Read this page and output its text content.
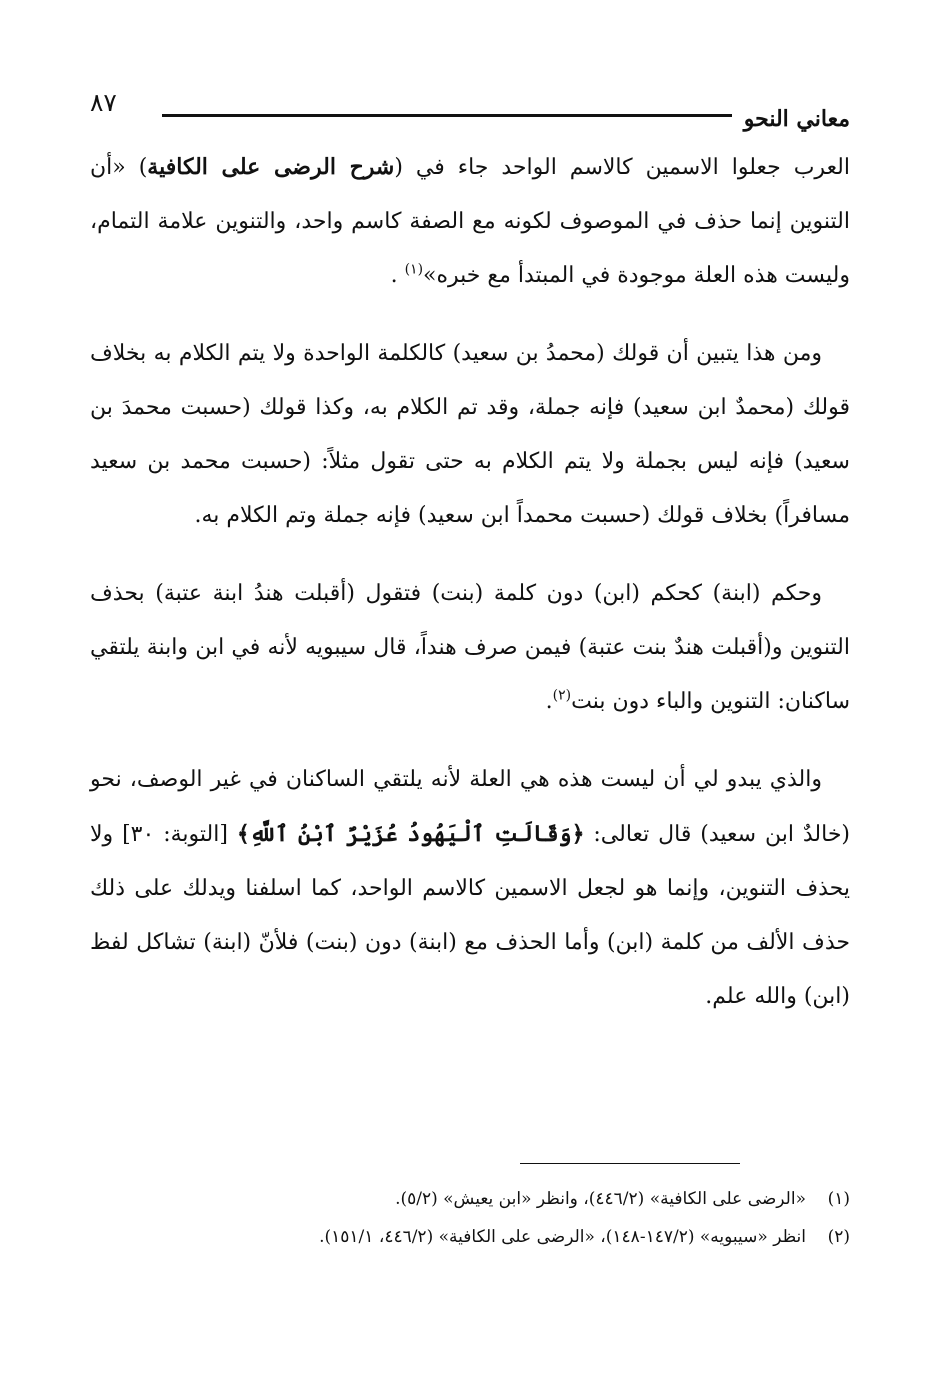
٨٧
معاني النحو

العرب جعلوا الاسمين كالاسم الواحد جاء في (شرح الرضى على الكافية) «أن التنوين إنما حذف في الموصوف لكونه مع الصفة كاسم واحد، والتنوين علامة التمام، وليست هذه العلة موجودة في المبتدأ مع خبره»$^{(١)}$ .

ومن هذا يتبين أن قولك (محمدُ بن سعيد) كالكلمة الواحدة ولا يتم الكلام به بخلاف قولك (محمدٌ ابن سعيد) فإنه جملة، وقد تم الكلام به، وكذا قولك (حسبت محمدَ بن سعيد) فإنه ليس بجملة ولا يتم الكلام به حتى تقول مثلاً: (حسبت محمد بن سعيد مسافراً) بخلاف قولك (حسبت محمداً ابن سعيد) فإنه جملة وتم الكلام به.

وحكم (ابنة) كحكم (ابن) دون كلمة (بنت) فتقول (أقبلت هندُ ابنة عتبة) بحذف التنوين و(أقبلت هندٌ بنت عتبة) فيمن صرف هنداً، قال سيبويه لأنه في ابن وابنة يلتقي ساكنان: التنوين والباء دون بنت$^{(٢)}$.

والذي يبدو لي أن ليست هذه هي العلة لأنه يلتقي الساكنان في غير الوصف، نحو (خالدٌ ابن سعيد) قال تعالى: ﴿وَقَالَتِ ٱلْيَهُودُ عُزَيْرٌ ٱبْنُ ٱللَّهِ﴾ [التوبة: ٣٠] ولا يحذف التنوين، وإنما هو لجعل الاسمين كالاسم الواحد، كما اسلفنا ويدلك على ذلك حذف الألف من كلمة (ابن) وأما الحذف مع (ابنة) دون (بنت) فلأنّ (ابنة) تشاكل لفظ (ابن) والله علم.

(١)«الرضى على الكافية» (٤٤٦/٢)، وانظر «ابن يعيش» (٥/٢).

(٢)انظر «سيبويه» (١٤٧/٢-١٤٨)، «الرضى على الكافية» (٤٤٦/٢، ١٥١/١).
